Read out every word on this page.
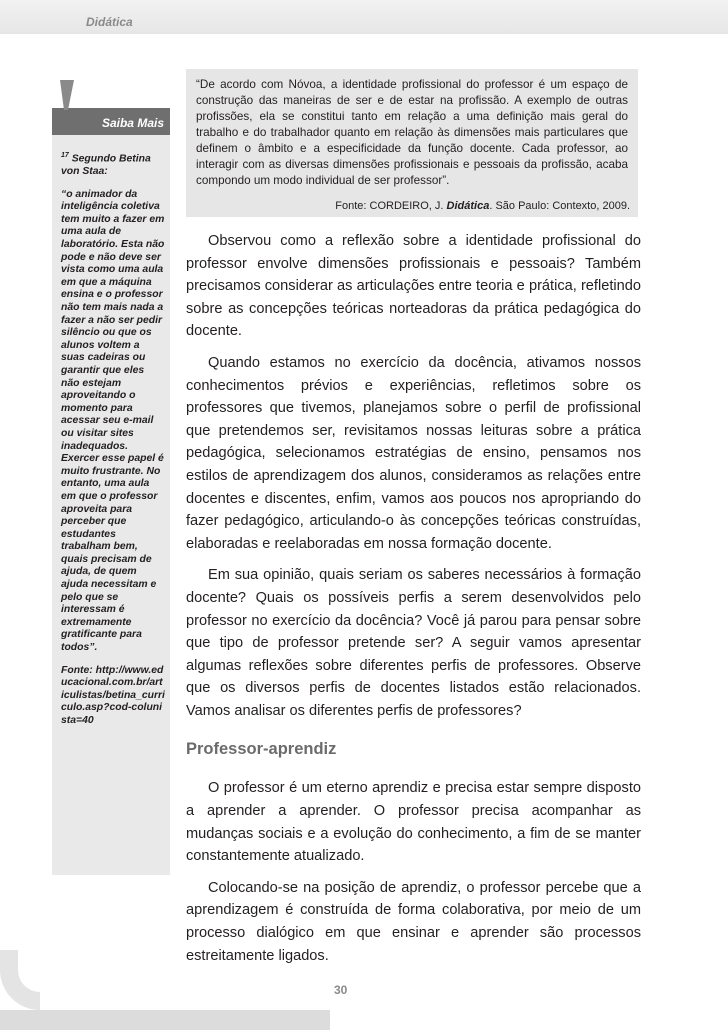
Didática
Saiba Mais

$^{17}$ Segundo Betina von Staa:

“o animador da inteligência coletiva tem muito a fazer em uma aula de laboratório. Esta não pode e não deve ser vista como uma aula em que a máquina ensina e o professor não tem mais nada a fazer a não ser pedir silêncio ou que os alunos voltem a suas cadeiras ou garantir que eles não estejam aproveitando o momento para acessar seu e-mail ou visitar sites inadequados. Exercer esse papel é muito frustrante. No entanto, uma aula em que o professor aproveita para perceber que estudantes trabalham bem, quais precisam de ajuda, de quem ajuda necessitam e pelo que se interessam é extremamente gratificante para todos”.

Fonte: http://www.educacional.com.br/articulistas/betina_curriculo.asp?cod-colunista=40

“De acordo com Nóvoa, a identidade profissional do professor é um espaço de construção das maneiras de ser e de estar na profissão. A exemplo de outras profissões, ela se constitui tanto em relação a uma definição mais geral do trabalho e do trabalhador quanto em relação às dimensões mais particulares que definem o âmbito e a especificidade da função docente. Cada professor, ao interagir com as diversas dimensões profissionais e pessoais da profissão, acaba compondo um modo individual de ser professor”.

Fonte: CORDEIRO, J. Didática. São Paulo: Contexto, 2009.

Observou como a reflexão sobre a identidade profissional do professor envolve dimensões profissionais e pessoais? Também precisamos considerar as articulações entre teoria e prática, refletindo sobre as concepções teóricas norteadoras da prática pedagógica do docente.

Quando estamos no exercício da docência, ativamos nossos conhecimentos prévios e experiências, refletimos sobre os professores que tivemos, planejamos sobre o perfil de profissional que pretendemos ser, revisitamos nossas leituras sobre a prática pedagógica, selecionamos estratégias de ensino, pensamos nos estilos de aprendizagem dos alunos, consideramos as relações entre docentes e discentes, enfim, vamos aos poucos nos apropriando do fazer pedagógico, articulando-o às concepções teóricas construídas, elaboradas e reelaboradas em nossa formação docente.

Em sua opinião, quais seriam os saberes necessários à formação docente? Quais os possíveis perfis a serem desenvolvidos pelo professor no exercício da docência? Você já parou para pensar sobre que tipo de professor pretende ser? A seguir vamos apresentar algumas reflexões sobre diferentes perfis de professores. Observe que os diversos perfis de docentes listados estão relacionados. Vamos analisar os diferentes perfis de professores?

Professor-aprendiz

O professor é um eterno aprendiz e precisa estar sempre disposto a aprender a aprender. O professor precisa acompanhar as mudanças sociais e a evolução do conhecimento, a fim de se manter constantemente atualizado.

Colocando-se na posição de aprendiz, o professor percebe que a aprendizagem é construída de forma colaborativa, por meio de um processo dialógico em que ensinar e aprender são processos estreitamente ligados.

30
